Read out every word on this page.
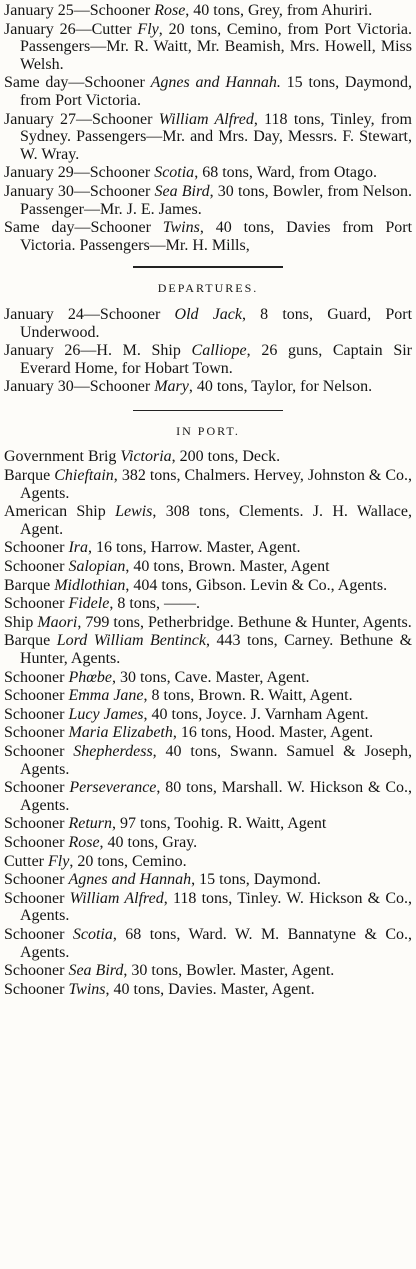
January 25—Schooner Rose, 40 tons, Grey, from Ahuriri.
January 26—Cutter Fly, 20 tons, Cemino, from Port Victoria. Passengers—Mr. R. Waitt, Mr. Beamish, Mrs. Howell, Miss Welsh.
Same day—Schooner Agnes and Hannah. 15 tons, Daymond, from Port Victoria.
January 27—Schooner William Alfred, 118 tons, Tinley, from Sydney. Passengers—Mr. and Mrs. Day, Messrs. F. Stewart, W. Wray.
January 29—Schooner Scotia, 68 tons, Ward, from Otago.
January 30—Schooner Sea Bird, 30 tons, Bowler, from Nelson. Passenger—Mr. J. E. James.
Same day—Schooner Twins, 40 tons, Davies from Port Victoria. Passengers—Mr. H. Mills,
DEPARTURES.
January 24—Schooner Old Jack, 8 tons, Guard, Port Underwood.
January 26—H. M. Ship Calliope, 26 guns, Captain Sir Everard Home, for Hobart Town.
January 30—Schooner Mary, 40 tons, Taylor, for Nelson.
IN PORT.
Government Brig Victoria, 200 tons, Deck.
Barque Chieftain, 382 tons, Chalmers. Hervey, Johnston & Co., Agents.
American Ship Lewis, 308 tons, Clements. J. H. Wallace, Agent.
Schooner Ira, 16 tons, Harrow. Master, Agent.
Schooner Salopian, 40 tons, Brown. Master, Agent
Barque Midlothian, 404 tons, Gibson. Levin & Co., Agents.
Schooner Fidele, 8 tons, ——.
Ship Maori, 799 tons, Petherbridge. Bethune & Hunter, Agents.
Barque Lord William Bentinck, 443 tons, Carney. Bethune & Hunter, Agents.
Schooner Phœbe, 30 tons, Cave. Master, Agent.
Schooner Emma Jane, 8 tons, Brown. R. Waitt, Agent.
Schooner Lucy James, 40 tons, Joyce. J. Varnham Agent.
Schooner Maria Elizabeth, 16 tons, Hood. Master, Agent.
Schooner Shepherdess, 40 tons, Swann. Samuel & Joseph, Agents.
Schooner Perseverance, 80 tons, Marshall. W. Hickson & Co., Agents.
Schooner Return, 97 tons, Toohig. R. Waitt, Agent
Schooner Rose, 40 tons, Gray.
Cutter Fly, 20 tons, Cemino.
Schooner Agnes and Hannah, 15 tons, Daymond.
Schooner William Alfred, 118 tons, Tinley. W. Hickson & Co., Agents.
Schooner Scotia, 68 tons, Ward. W. M. Bannatyne & Co., Agents.
Schooner Sea Bird, 30 tons, Bowler. Master, Agent.
Schooner Twins, 40 tons, Davies. Master, Agent.
